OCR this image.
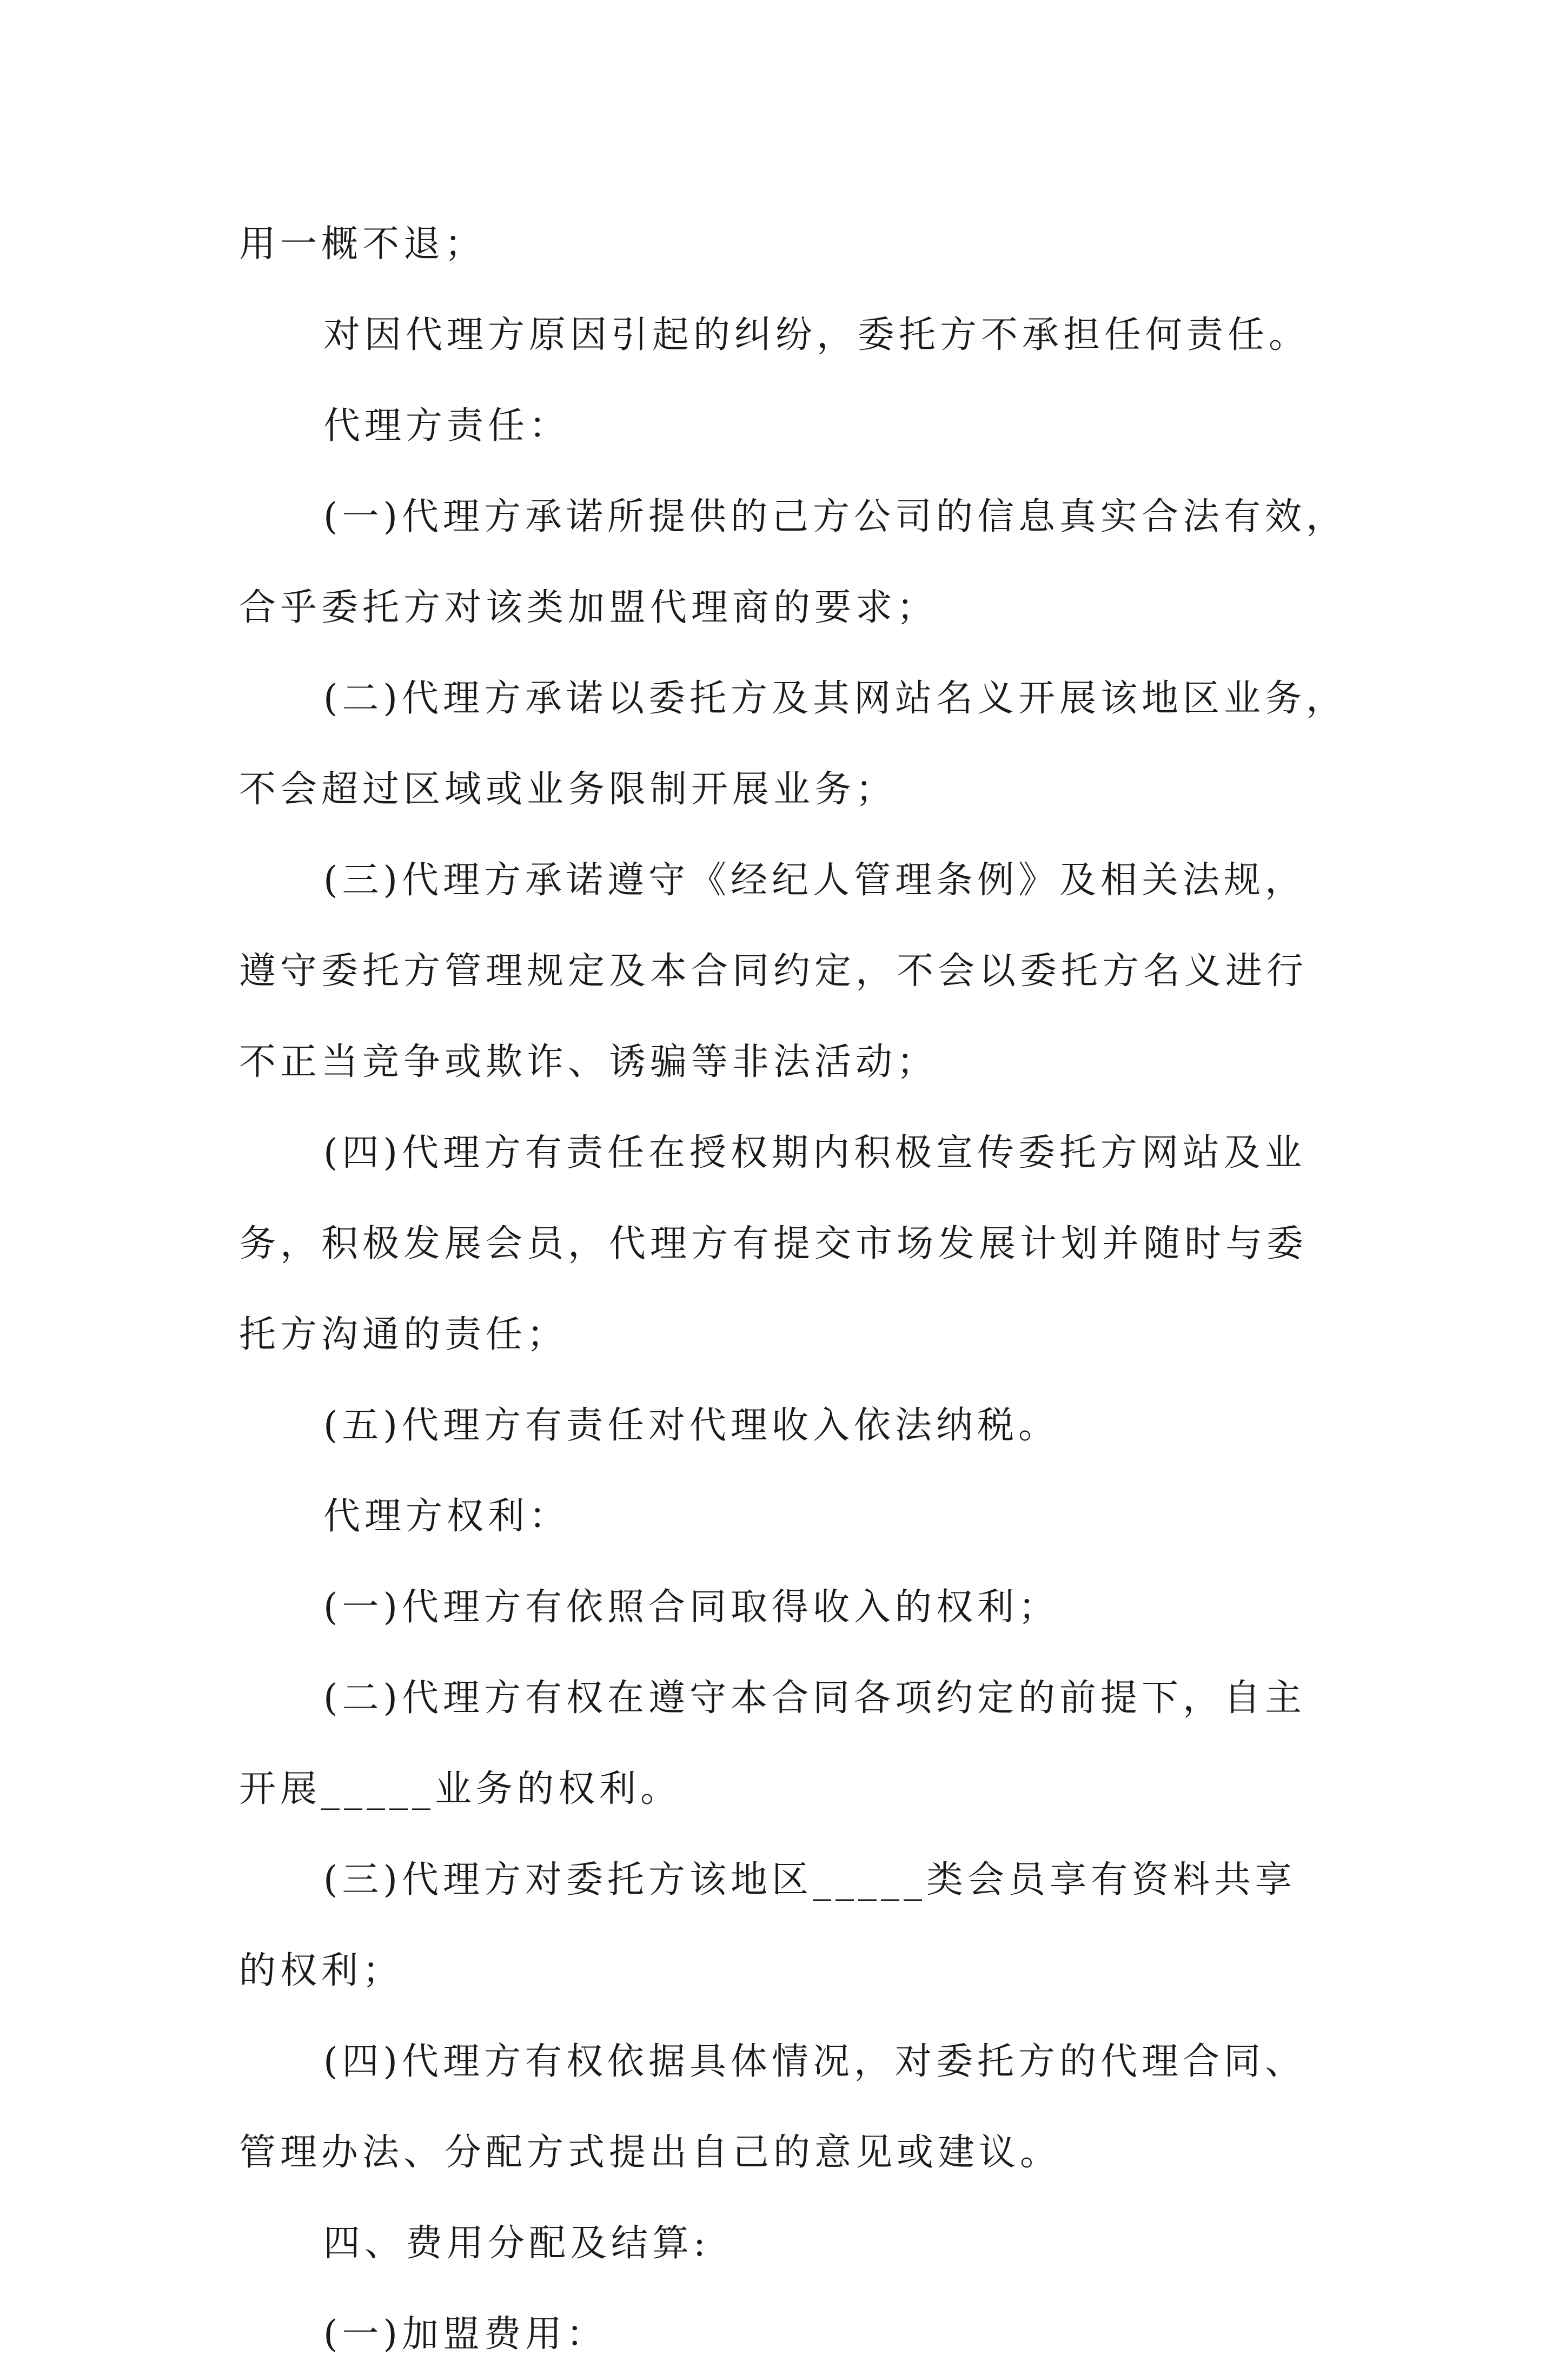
用一概不退；

对因代理方原因引起的纠纷，委托方不承担任何责任。

代理方责任：

(一)代理方承诺所提供的己方公司的信息真实合法有效，

合乎委托方对该类加盟代理商的要求；

(二)代理方承诺以委托方及其网站名义开展该地区业务，

不会超过区域或业务限制开展业务；

(三)代理方承诺遵守《经纪人管理条例》及相关法规，

遵守委托方管理规定及本合同约定，不会以委托方名义进行

不正当竞争或欺诈、诱骗等非法活动；

(四)代理方有责任在授权期内积极宣传委托方网站及业

务，积极发展会员，代理方有提交市场发展计划并随时与委

托方沟通的责任；

(五)代理方有责任对代理收入依法纳税。

代理方权利：

(一)代理方有依照合同取得收入的权利；

(二)代理方有权在遵守本合同各项约定的前提下，自主

开展_____业务的权利。

(三)代理方对委托方该地区_____类会员享有资料共享

的权利；

(四)代理方有权依据具体情况，对委托方的代理合同、

管理办法、分配方式提出自己的意见或建议。

四、费用分配及结算:

(一)加盟费用：
